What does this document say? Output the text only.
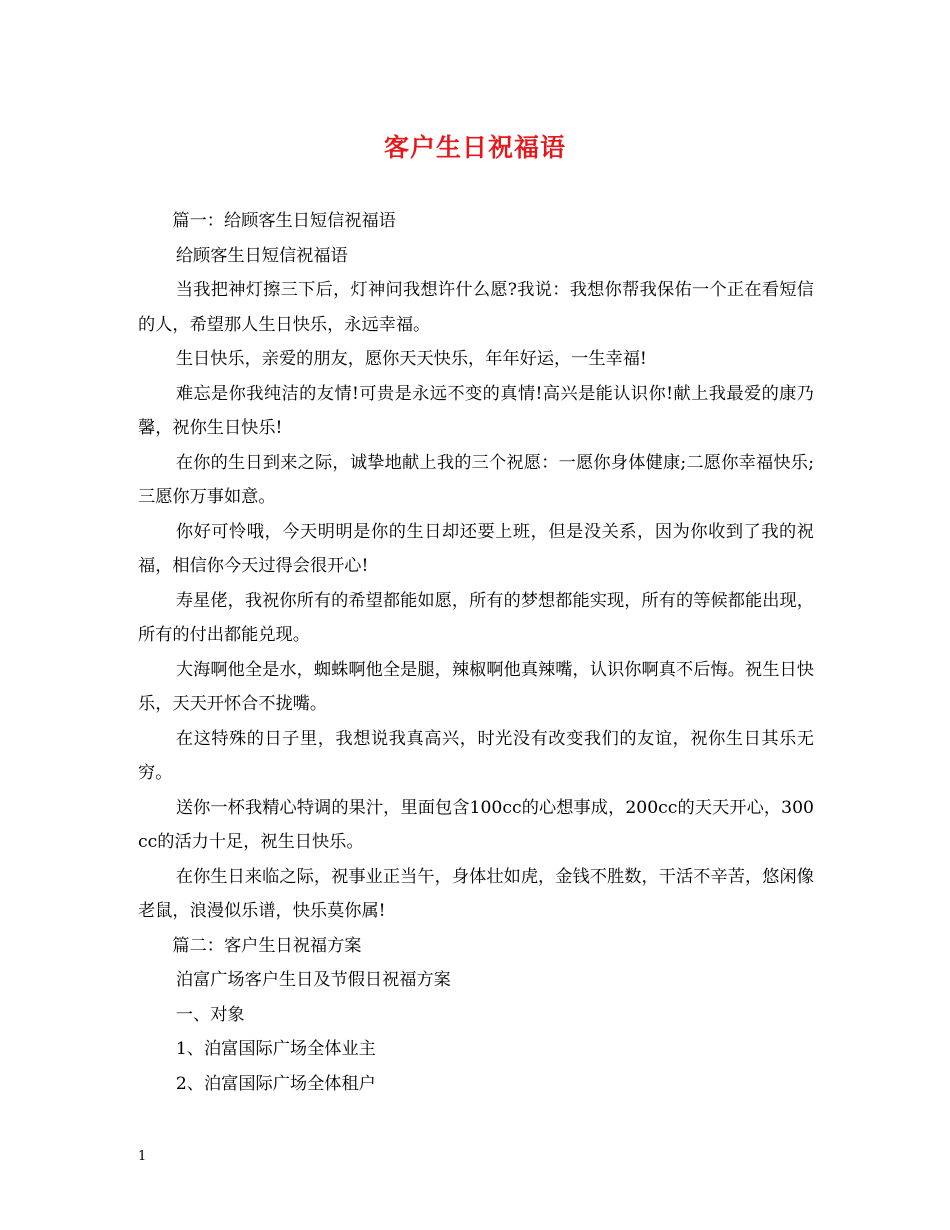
客户生日祝福语

篇一：给顾客生日短信祝福语

给顾客生日短信祝福语

当我把神灯擦三下后，灯神问我想许什么愿?我说：我想你帮我保佑一个正在看短信的人，希望那人生日快乐，永远幸福。

生日快乐，亲爱的朋友，愿你天天快乐，年年好运，一生幸福!

难忘是你我纯洁的友情!可贵是永远不变的真情!高兴是能认识你!献上我最爱的康乃馨，祝你生日快乐!

在你的生日到来之际，诚挚地献上我的三个祝愿：一愿你身体健康;二愿你幸福快乐;三愿你万事如意。

你好可怜哦，今天明明是你的生日却还要上班，但是没关系，因为你收到了我的祝福，相信你今天过得会很开心!

寿星佬，我祝你所有的希望都能如愿，所有的梦想都能实现，所有的等候都能出现，所有的付出都能兑现。

大海啊他全是水，蜘蛛啊他全是腿，辣椒啊他真辣嘴，认识你啊真不后悔。祝生日快乐，天天开怀合不拢嘴。

在这特殊的日子里，我想说我真高兴，时光没有改变我们的友谊，祝你生日其乐无穷。

送你一杯我精心特调的果汁，里面包含100cc的心想事成，200cc的天天开心，300cc的活力十足，祝生日快乐。

在你生日来临之际，祝事业正当午，身体壮如虎，金钱不胜数，干活不辛苦，悠闲像老鼠，浪漫似乐谱，快乐莫你属!

篇二：客户生日祝福方案

泊富广场客户生日及节假日祝福方案

一、对象

1、泊富国际广场全体业主

2、泊富国际广场全体租户

1
